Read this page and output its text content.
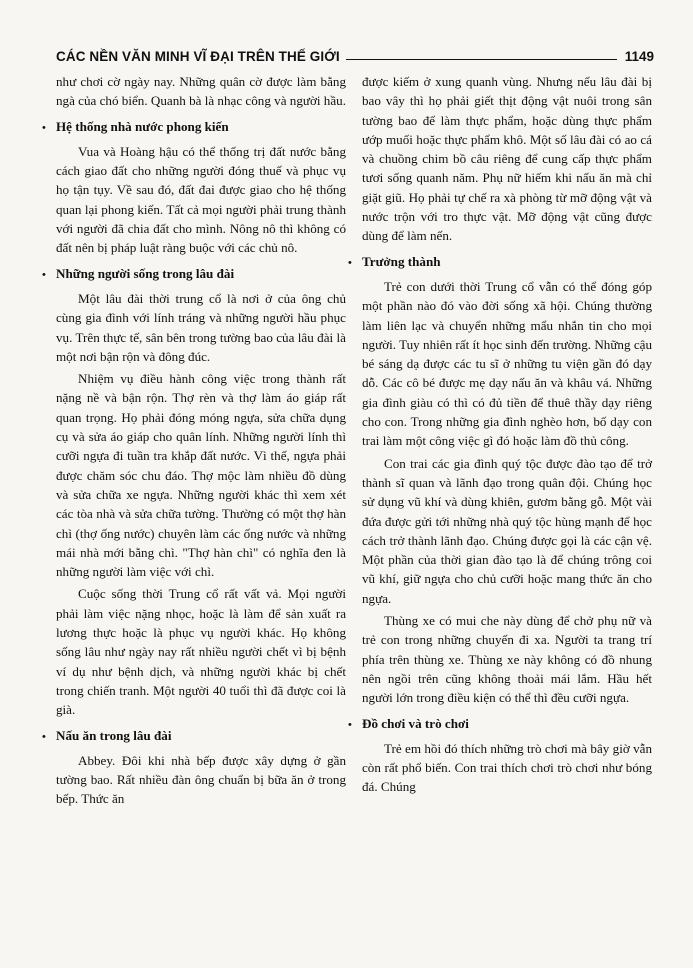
CÁC NỀN VĂN MINH VĨ ĐẠI TRÊN THẾ GIỚI	1149

như chơi cờ ngày nay. Những quân cờ được làm bằng ngà của chó biển. Quanh bà là nhạc công và người hầu.

• Hệ thống nhà nước phong kiến

Vua và Hoàng hậu có thể thống trị đất nước bằng cách giao đất cho những người đóng thuế và phục vụ họ tận tụy. Về sau đó, đất đai được giao cho hệ thống quan lại phong kiến. Tất cả mọi người phải trung thành với người đã chia đất cho mình. Nông nô thì không có đất nên bị pháp luật ràng buộc với các chủ nô.

• Những người sống trong lâu đài

Một lâu đài thời trung cổ là nơi ở của ông chủ cùng gia đình với lính tráng và những người hầu phục vụ. Trên thực tế, sân bên trong tường bao của lâu đài là một nơi bận rộn và đông đúc.

Nhiệm vụ điều hành công việc trong thành rất nặng nề và bận rộn. Thợ rèn và thợ làm áo giáp rất quan trọng. Họ phải đóng móng ngựa, sửa chữa dụng cụ và sửa áo giáp cho quân lính. Những người lính thì cưỡi ngựa đi tuần tra khắp đất nước. Vì thế, ngựa phải được chăm sóc chu đáo. Thợ mộc làm nhiều đồ dùng và sửa chữa xe ngựa. Những người khác thì xem xét các tòa nhà và sửa chữa tường. Thường có một thợ hàn chì (thợ ống nước) chuyên làm các ống nước và những mái nhà mới bằng chì. "Thợ hàn chì" có nghĩa đen là những người làm việc với chì.

Cuộc sống thời Trung cổ rất vất vả. Mọi người phải làm việc nặng nhọc, hoặc là làm để sản xuất ra lương thực hoặc là phục vụ người khác. Họ không sống lâu như ngày nay rất nhiều người chết vì bị bệnh ví dụ như bệnh dịch, và những người khác bị chết trong chiến tranh. Một người 40 tuổi thì đã được coi là già.

• Nấu ăn trong lâu đài

Abbey. Đôi khi nhà bếp được xây dựng ở gần tường bao. Rất nhiều đàn ông chuẩn bị bữa ăn ở trong bếp. Thức ăn

được kiếm ở xung quanh vùng. Nhưng nếu lâu đài bị bao vây thì họ phải giết thịt động vật nuôi trong sân tường bao để làm thực phẩm, hoặc dùng thực phẩm ướp muối hoặc thực phẩm khô. Một số lâu đài có ao cá và chuồng chim bồ câu riêng để cung cấp thực phẩm tươi sống quanh năm. Phụ nữ hiếm khi nấu ăn mà chỉ giặt giũ. Họ phải tự chế ra xà phòng từ mỡ động vật và nước trộn với tro thực vật. Mỡ động vật cũng được dùng để làm nến.

• Trưởng thành

Trẻ con dưới thời Trung cổ vẫn có thể đóng góp một phần nào đó vào đời sống xã hội. Chúng thường làm liên lạc và chuyển những mẩu nhắn tin cho mọi người. Tuy nhiên rất ít học sinh đến trường. Những cậu bé sáng dạ được các tu sĩ ở những tu viện gần đó dạy dỗ. Các cô bé được mẹ dạy nấu ăn và khâu vá. Những gia đình giàu có thì có đủ tiền để thuê thầy dạy riêng cho con. Trong những gia đình nghèo hơn, bố dạy con trai làm một công việc gì đó hoặc làm đồ thủ công.

Con trai các gia đình quý tộc được đào tạo để trở thành sĩ quan và lãnh đạo trong quân đội. Chúng học sử dụng vũ khí và dùng khiên, gươm bằng gỗ. Một vài đứa được gửi tới những nhà quý tộc hùng mạnh để học cách trở thành lãnh đạo. Chúng được gọi là các cận vệ. Một phần của thời gian đào tạo là để chúng trông coi vũ khí, giữ ngựa cho chủ cưỡi hoặc mang thức ăn cho ngựa.

Thùng xe có mui che này dùng để chở phụ nữ và trẻ con trong những chuyến đi xa. Người ta trang trí phía trên thùng xe. Thùng xe này không có đồ nhung nên ngồi trên cũng không thoải mái lắm. Hầu hết người lớn trong điều kiện có thể thì đều cưỡi ngựa.

• Đồ chơi và trò chơi

Trẻ em hồi đó thích những trò chơi mà bây giờ vẫn còn rất phổ biến. Con trai thích chơi trò chơi như bóng đá. Chúng
